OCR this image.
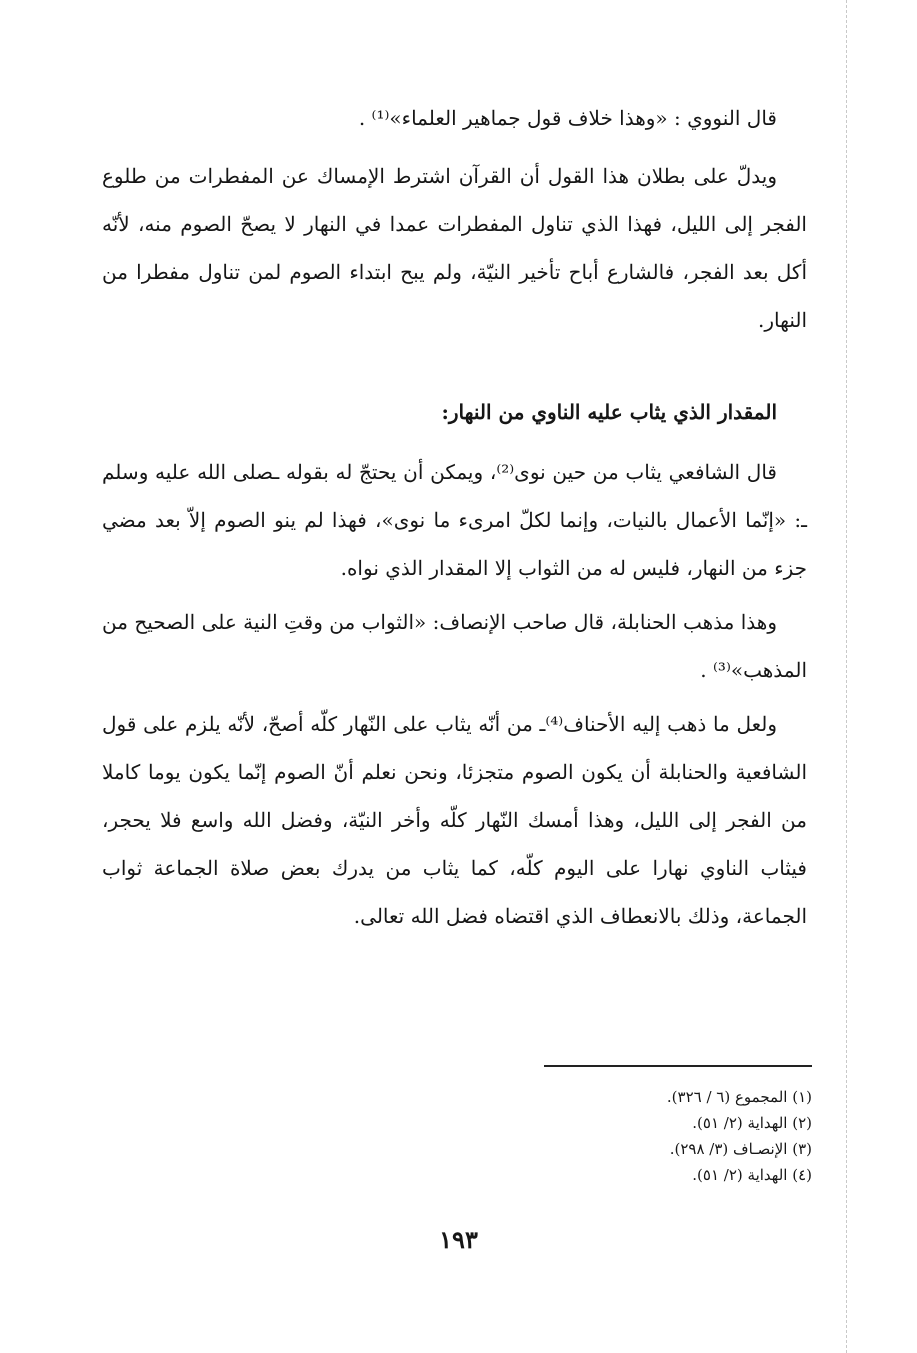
قال النووي : «وهذا خلاف قول جماهير العلماء»⁽¹⁾ .

ويدلّ على بطلان هذا القول أن القرآن اشترط الإمساك عن المفطرات من طلوع الفجر إلى الليل، فهذا الذي تناول المفطرات عمدا في النهار لا يصحّ الصوم منه، لأنّه أكل بعد الفجر، فالشارع أباح تأخير النيّة، ولم يبح ابتداء الصوم لمن تناول مفطرا من النهار.

المقدار الذي يثاب عليه الناوي من النهار:

قال الشافعي يثاب من حين نوى⁽²⁾، ويمكن أن يحتجّ له بقوله ـصلى الله عليه وسلم ـ: «إنّما الأعمال بالنيات، وإنما لكلّ امرىء ما نوى»، فهذا لم ينو الصوم إلاّ بعد مضي جزء من النهار، فليس له من الثواب إلا المقدار الذي نواه.

وهذا مذهب الحنابلة، قال صاحب الإنصاف: «الثواب من وقتِ النية على الصحيح من المذهب»⁽³⁾ .

ولعل ما ذهب إليه الأحناف⁽⁴⁾ـ من أنّه يثاب على النّهار كلّه أصحّ، لأنّه يلزم على قول الشافعية والحنابلة أن يكون الصوم متجزئا، ونحن نعلم أنّ الصوم إنّما يكون يوما كاملا من الفجر إلى الليل، وهذا أمسك النّهار كلّه وأخر النيّة، وفضل الله واسع فلا يحجر، فيثاب الناوي نهارا على اليوم كلّه، كما يثاب من يدرك بعض صلاة الجماعة ثواب الجماعة، وذلك بالانعطاف الذي اقتضاه فضل الله تعالى.

(١) المجموع (٦ / ٣٢٦).

(٢) الهداية (٢/ ٥١).

(٣) الإنصـاف (٣/ ٢٩٨).

(٤) الهداية (٢/ ٥١).

١٩٣
